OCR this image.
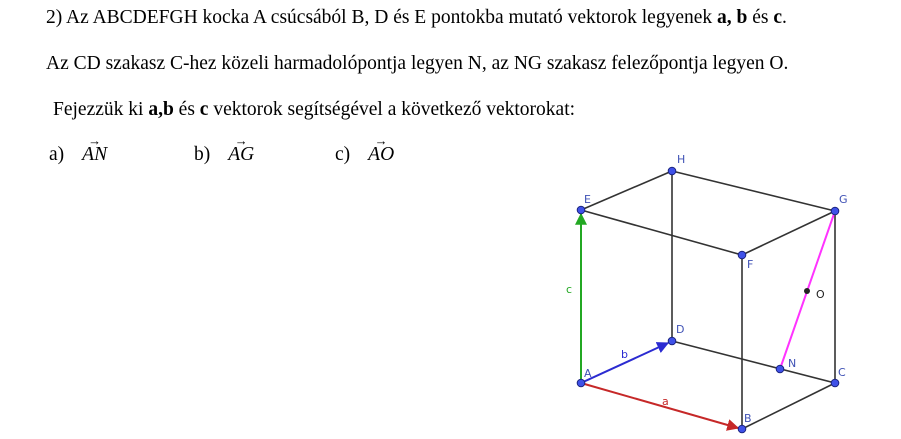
2) Az ABCDEFGH kocka A csúcsából B, D és E pontokba mutató vektorok legyenek a, b és c.
Az CD szakasz C-hez közeli harmadolópontja legyen N, az NG szakasz felezőpontja legyen O.
Fejezzük ki a,b és c vektorok segítségével a következő vektorokat:
a) → AN	b) → AG	c) → AO
A
B
C
D
E
F
G
H
N
O
a
b
c
